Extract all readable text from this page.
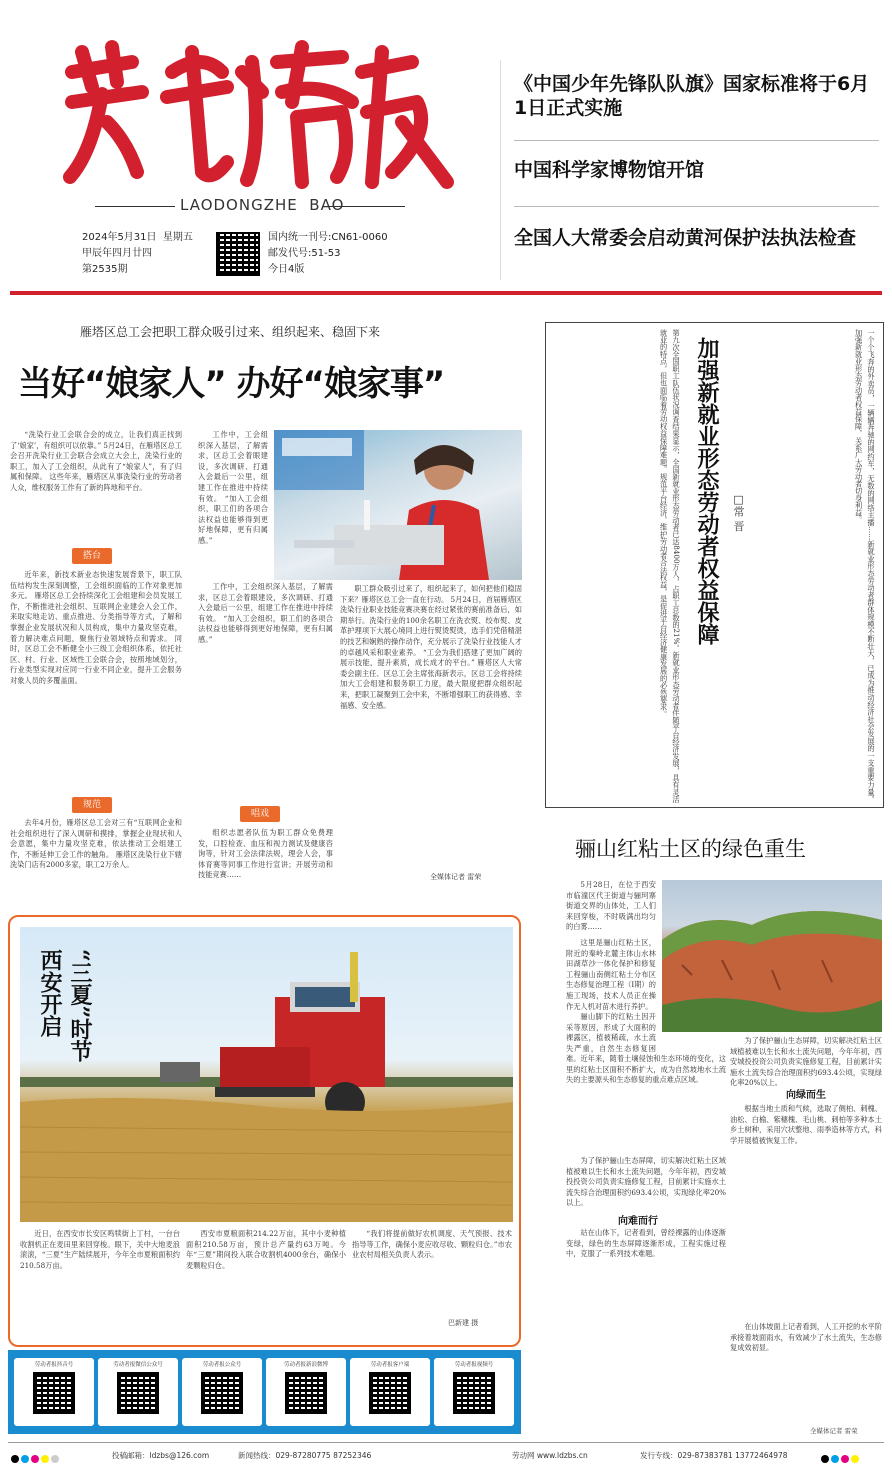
LAODONGZHE  BAO
2024年5月31日 星期五
甲辰年四月廿四
第2535期
国内统一刊号:CN61-0060
邮发代号:51-53
今日4版
《中国少年先锋队队旗》国家标准将于6月1日正式实施
中国科学家博物馆开馆
全国人大常委会启动黄河保护法执法检查
雁塔区总工会把职工群众吸引过来、组织起来、稳固下来
当好“娘家人” 办好“娘家事”
“洗染行业工会联合会的成立，让我们真正找到了‘娘家’，有组织可以依靠。” 5月24日，在雁塔区总工会召开洗染行业工会联合会成立大会上，洗染行业的职工，加入了工会组织，从此有了“娘家人”，有了归属和保障。 这些年来，雁塔区从事洗染行业的劳动者人众，维权服务工作有了新的阵地和平台。
搭台
近年来，新技术新业态快速发展背景下，职工队伍结构发生深刻调整，工会组织面临的工作对象更加多元。 雁塔区总工会持续深化工会组建和会员发展工作，不断推进社会组织、互联网企业建会入会工作，来取实地走访、重点推进、分类指导等方式，了解和掌握企业发展状况和人员构成，集中力量攻坚克难，着力解决难点问题，聚焦行业领域特点和需求。 同时，区总工会不断健全小三级工会组织体系，依托社区、村、行业、区域性工会联合会，按照地域划分，行业类型实现对应同一行业不同企业，提升工会服务对象人员的多覆盖面。
规范
去年4月份，雁塔区总工会对三有“互联网企业和社会组织进行了深入调研和摸排，掌握企业现状和人会意愿，集中力量攻坚克难，依法推动工会组建工作，不断延伸工会工作的触角。 雁塔区洗染行业下辖洗染门店有2000多家，职工2万余人。
工作中，工会组织深入基层，了解需求，区总工会着眼建设，多次调研、打通入会最后一公里，组建工作在推进中持续有效。 “加入工会组织，职工们的各项合法权益也能够得到更好地保障，更有归属感。”
工作中，工会组织深入基层，了解需求，区总工会着眼建设，多次调研、打通入会最后一公里，组建工作在推进中持续有效。 “加入工会组织，职工们的各项合法权益也能够得到更好地保障，更有归属感。”
唱戏
组织志愿者队伍为职工群众免费理发，口腔检查、血压和视力测试及健康咨询等，针对工会法律法规，理会人会，事体育赛等同事工作进行宣讲；开展劳动和技能竞赛……
职工群众吸引过来了，组织起来了，如何把他们稳固下来？雁塔区总工会一直在行动。 5月24日，首届雁塔区洗染行业职业技能竞赛决赛在经过紧张的赛前准备后，如期举行。洗染行业的100余名职工在洗衣熨、绞布熨、皮革护理项下大展心境同上进行熨烫熨烫，选手们凭借精湛的技艺和娴熟的操作动作，充分展示了洗染行业技能人才的卓越风采和职业素养。 “工会为我们搭建了更加广阔的展示技能，提升素质，成长成才的平台。” 雁塔区人大常委会副主任、区总工会主席张海新表示，区总工会将持续加大工会组建和服务职工力度，最大限度把群众组织起来，把职工凝聚到工会中来，不断增强职工的获得感、幸福感、安全感。
全媒体记者 雷荣
一个个飞奔的外卖员，一辆辆奔驰的网约车，无数的网络主播……新就业形态劳动者群体规模不断壮大，已成为推动经济社会发展的一支重要力量。加强新就业形态劳动者权益保障，关系广大劳动者切身利益。
加强新就业形态劳动者权益保障 □常 晋
第九次全国职工队伍状况调查结果显示，全国新就业形态劳动者已达8400万人，占职工总数的21%。新就业形态劳动者伴随平台经济发展，具有灵活就业的特点，但也面临着劳动权益保障难题。规范平台经济，维护劳动者合法权益，是促进平台经济健康发展的必然要求。
骊山红粘土区的绿色重生
5月28日，在位于西安市临潼区代王街道与骊珂寨街道交界的山体处，工人们来回穿梭，不时吸满出均匀的白雾……
这里是骊山红粘土区，附近的秦岭北麓主体山水林田湖草沙一体化保护和修复工程骊山南侧红粘土分布区生态修复治理工程（I期）的施工现场，技术人员正在操作无人机对苗木进行养护。
骊山脚下的红粘土因开采等原因，形成了大面积的裸露区，植被稀疏，水土流失严重，自然生态修复困难。 近年来，随着土壤侵蚀和生态环境的变化，这里的红粘土区面积不断扩大，成为自然坡地水土流失的主要源头和生态修复的重点难点区域。
为了保护骊山生态屏障，切实解决红粘土区域植被难以生长和水土流失问题，今年年初，西安城投投资公司负责实施修复工程，目前累计实施水土流失综合治理面积约693.4公顷，实现绿化率20%以上。
向难而行
站在山体下，记者看到，曾经裸露的山体逐渐变绿，绿色的生态屏障逐渐形成，工程实施过程中，克服了一系列技术难题。
为了保护骊山生态屏障，切实解决红粘土区域植被难以生长和水土流失问题，今年年初，西安城投投资公司负责实施修复工程，目前累计实施水土流失综合治理面积约693.4公顷，实现绿化率20%以上。
向绿而生
根据当地土质和气候，选取了侧柏、刺槐、油松、白榆、紫穗槐、毛山桃、刺柏等多种本土乡土树种，采用穴状整地、雨季造林等方式，科学开展植被恢复工作。
在山体坡面上记者看到，人工开挖的水平阶承接着坡面雨水，有效减少了水土流失，生态修复成效初显。
全媒体记者 雷荣
西安开启 “三夏”时节
近日，在西安市长安区鸣犊街上丁村，一台台收割机正在麦田里来回穿梭。眼下，关中大地麦浪滚滚，“三夏”生产陆续展开，今年全市夏粮面积约210.58万亩。
西安市夏粮面积214.22万亩，其中小麦种植面积210.58万亩，预计总产量约63万吨。今年“三夏”期间投入联合收割机4000余台，确保小麦颗粒归仓。
“我们将提前做好农机调度、天气预报、技术指导等工作，确保小麦应收尽收、颗粒归仓。”市农业农村局相关负责人表示。
巴新建 摄
劳动者报抖音号	劳动者报微信公众号	劳动者报公众号	劳动者报新浪微博	劳动者报客户端	劳动者报视频号
投稿邮箱：ldzbs@126.com	新闻热线：029-87280775 87252346	劳动网 www.ldzbs.cn	发行专线：029-87383781 13772464978
